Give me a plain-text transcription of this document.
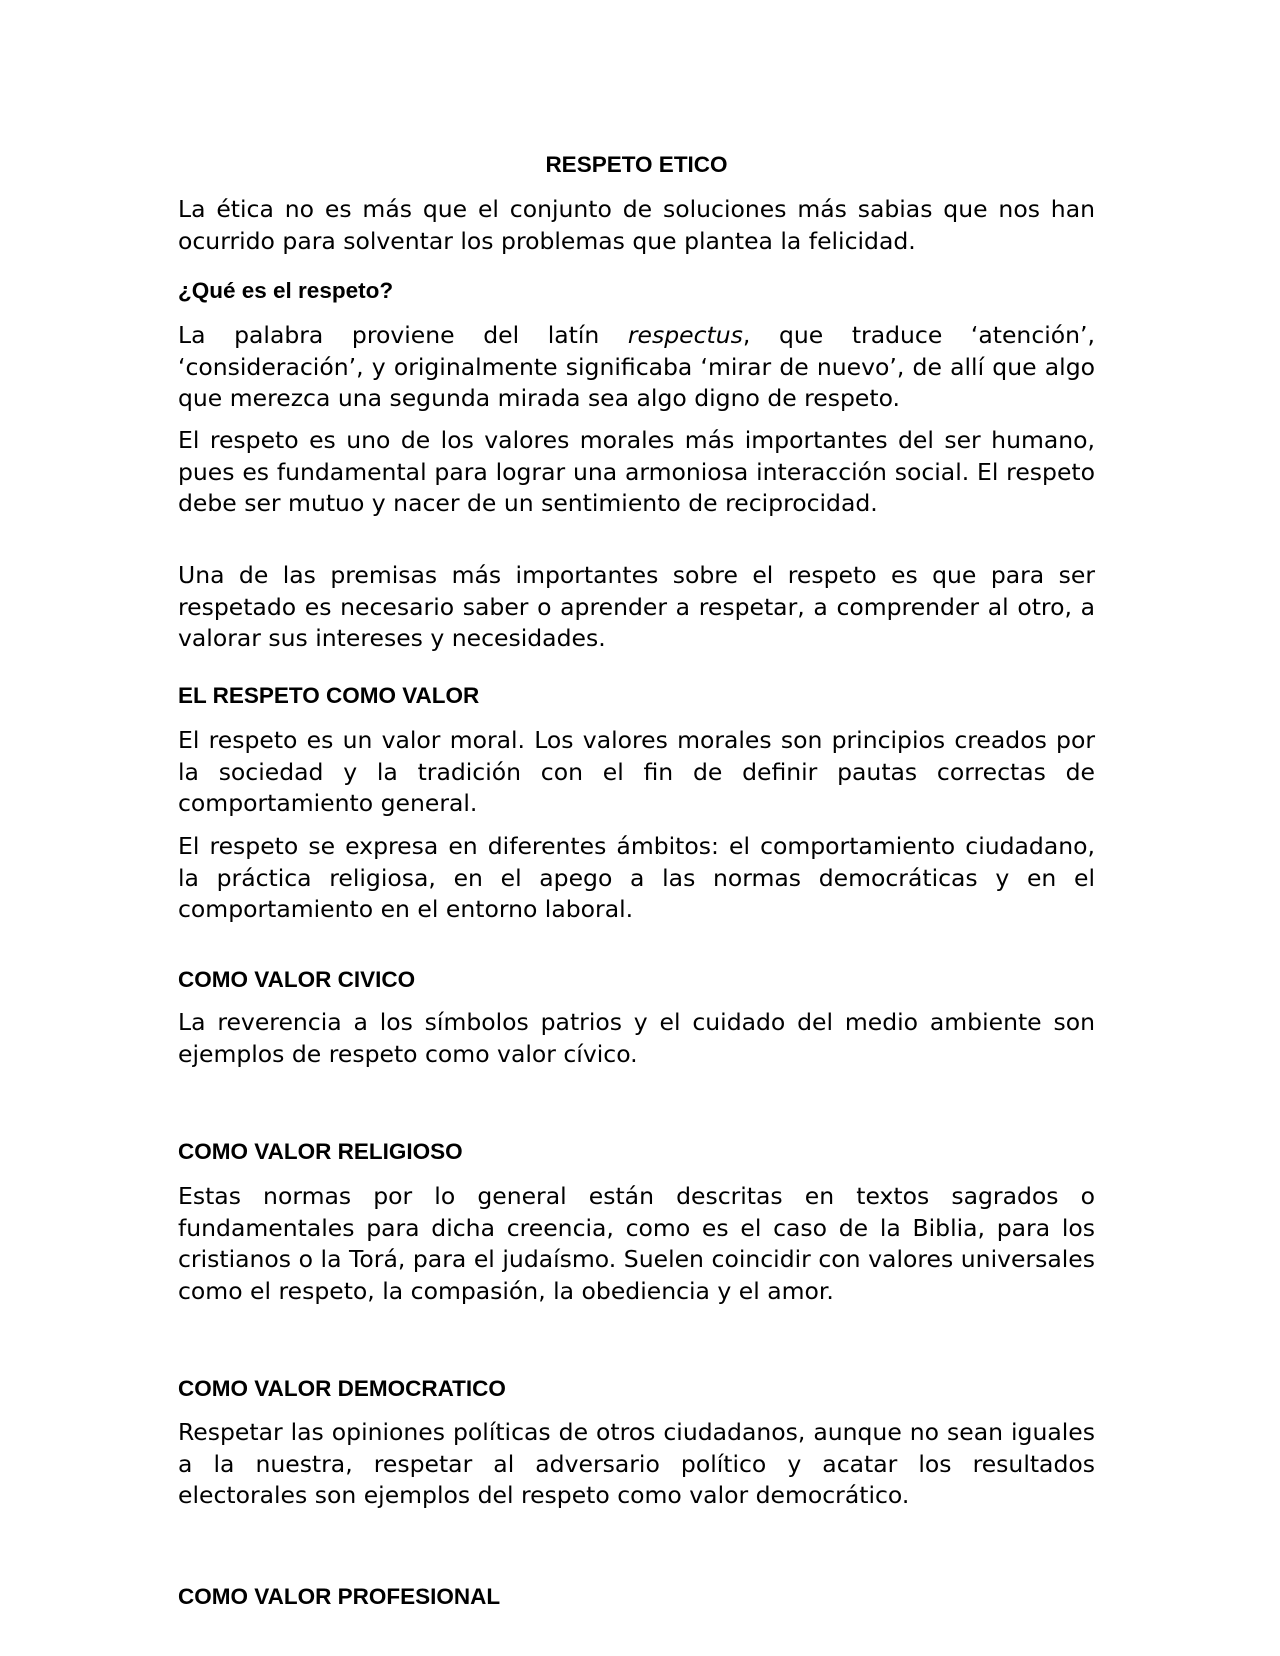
RESPETO ETICO

La ética no es más que el conjunto de soluciones más sabias que nos han ocurrido para solventar los problemas que plantea la felicidad.

¿Qué es el respeto?

La palabra proviene del latín respectus, que traduce ‘atención’, ‘consideración’, y originalmente significaba ‘mirar de nuevo’, de allí que algo que merezca una segunda mirada sea algo digno de respeto.

El respeto es uno de los valores morales más importantes del ser humano, pues es fundamental para lograr una armoniosa interacción social. El respeto debe ser mutuo y nacer de un sentimiento de reciprocidad.

Una de las premisas más importantes sobre el respeto es que para ser respetado es necesario saber o aprender a respetar, a comprender al otro, a valorar sus intereses y necesidades.

EL RESPETO COMO VALOR

El respeto es un valor moral. Los valores morales son principios creados por la sociedad y la tradición con el fin de definir pautas correctas de comportamiento general.

El respeto se expresa en diferentes ámbitos: el comportamiento ciudadano, la práctica religiosa, en el apego a las normas democráticas y en el comportamiento en el entorno laboral.

COMO VALOR CIVICO

La reverencia a los símbolos patrios y el cuidado del medio ambiente son ejemplos de respeto como valor cívico.

COMO VALOR RELIGIOSO

Estas normas por lo general están descritas en textos sagrados o fundamentales para dicha creencia, como es el caso de la Biblia, para los cristianos o la Torá, para el judaísmo. Suelen coincidir con valores universales como el respeto, la compasión, la obediencia y el amor.

COMO VALOR DEMOCRATICO

Respetar las opiniones políticas de otros ciudadanos, aunque no sean iguales a la nuestra, respetar al adversario político y acatar los resultados electorales son ejemplos del respeto como valor democrático.

COMO VALOR PROFESIONAL
